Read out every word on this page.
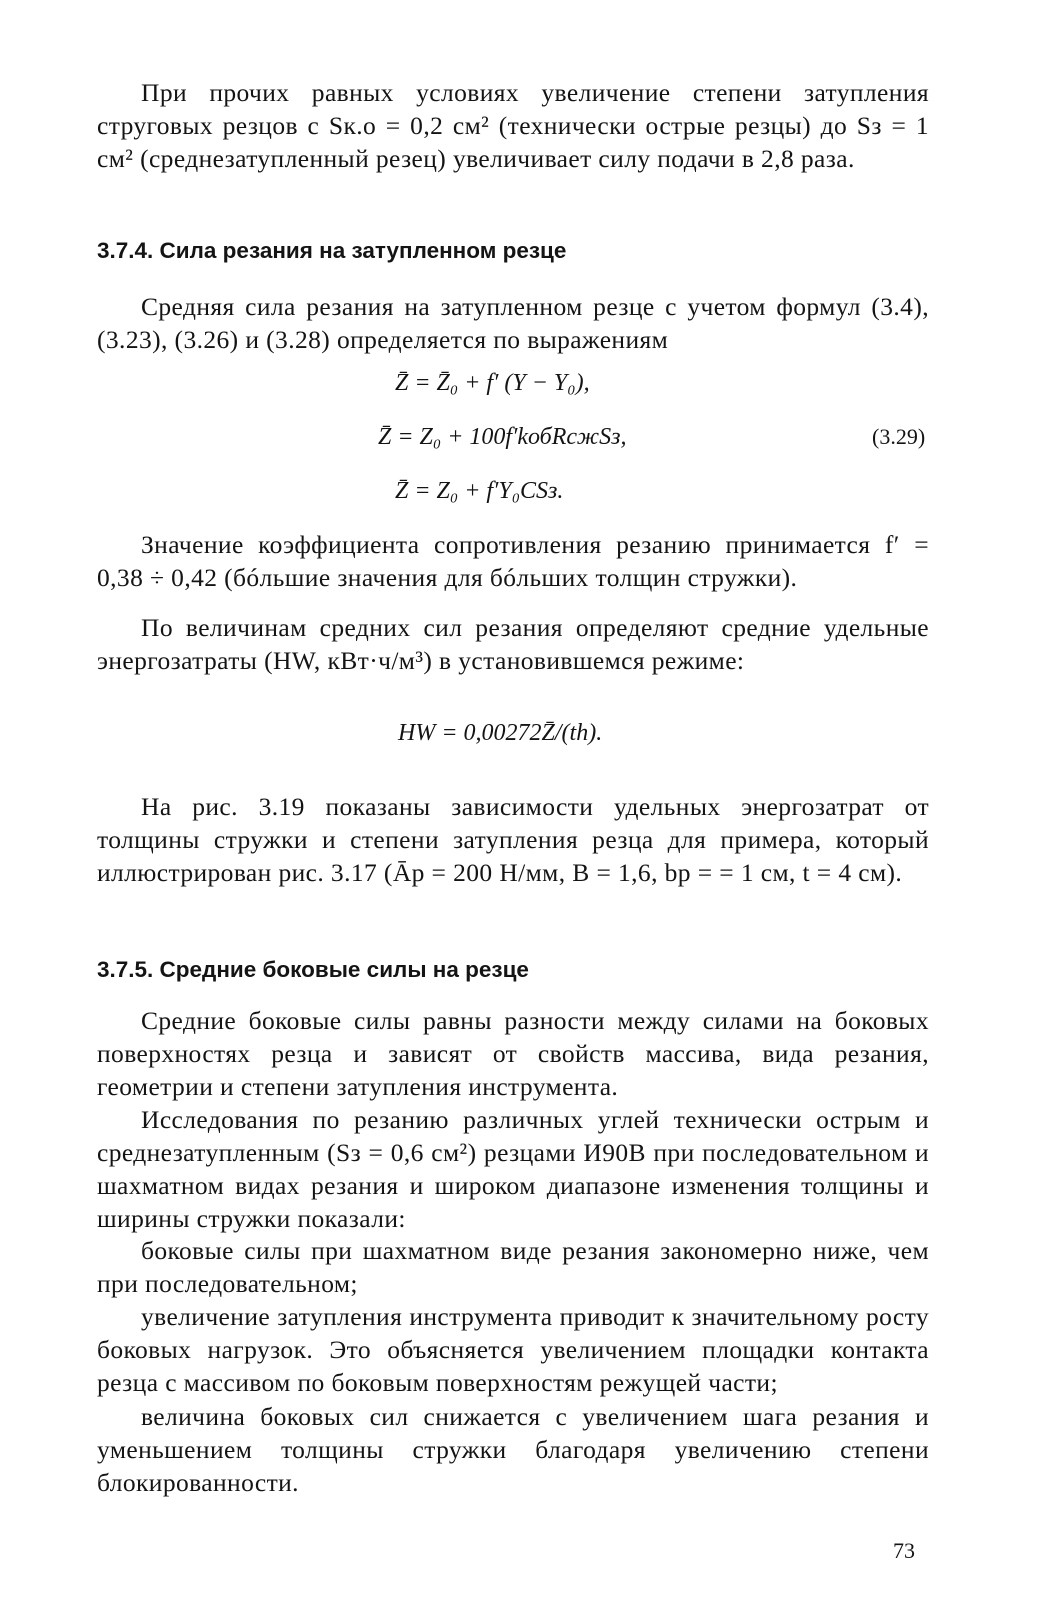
При прочих равных условиях увеличение степени затупления струговых резцов с Sк.о = 0,2 см² (технически острые резцы) до Sз = 1 см² (среднезатупленный резец) увеличивает силу подачи в 2,8 раза.

3.7.4. Сила резания на затупленном резце

Средняя сила резания на затупленном резце с учетом формул (3.4), (3.23), (3.26) и (3.28) определяется по выражениям

Z̄ = Z̄₀ + f′ (Y − Y₀),
Z̄ = Z₀ + 100f′kобRсжSз,	(3.29)
Z̄ = Z₀ + f′Y₀CSз.

Значение коэффициента сопротивления резанию принимается f′ = 0,38 ÷ 0,42 (бóльшие значения для бóльших толщин стружки).

По величинам средних сил резания определяют средние удельные энергозатраты (HW, кВт·ч/м³) в установившемся режиме:

HW = 0,00272Z̄/(th).

На рис. 3.19 показаны зависимости удельных энергозатрат от толщины стружки и степени затупления резца для примера, который иллюстрирован рис. 3.17 (Āр = 200 Н/мм, B = 1,6, bр = = 1 см, t = 4 см).

3.7.5. Средние боковые силы на резце

Средние боковые силы равны разности между силами на боковых поверхностях резца и зависят от свойств массива, вида резания, геометрии и степени затупления инструмента.

Исследования по резанию различных углей технически острым и среднезатупленным (Sз = 0,6 см²) резцами И90В при последовательном и шахматном видах резания и широком диапазоне изменения толщины и ширины стружки показали:

боковые силы при шахматном виде резания закономерно ниже, чем при последовательном;

увеличение затупления инструмента приводит к значительному росту боковых нагрузок. Это объясняется увеличением площадки контакта резца с массивом по боковым поверхностям режущей части;

величина боковых сил снижается с увеличением шага резания и уменьшением толщины стружки благодаря увеличению степени блокированности.

73
